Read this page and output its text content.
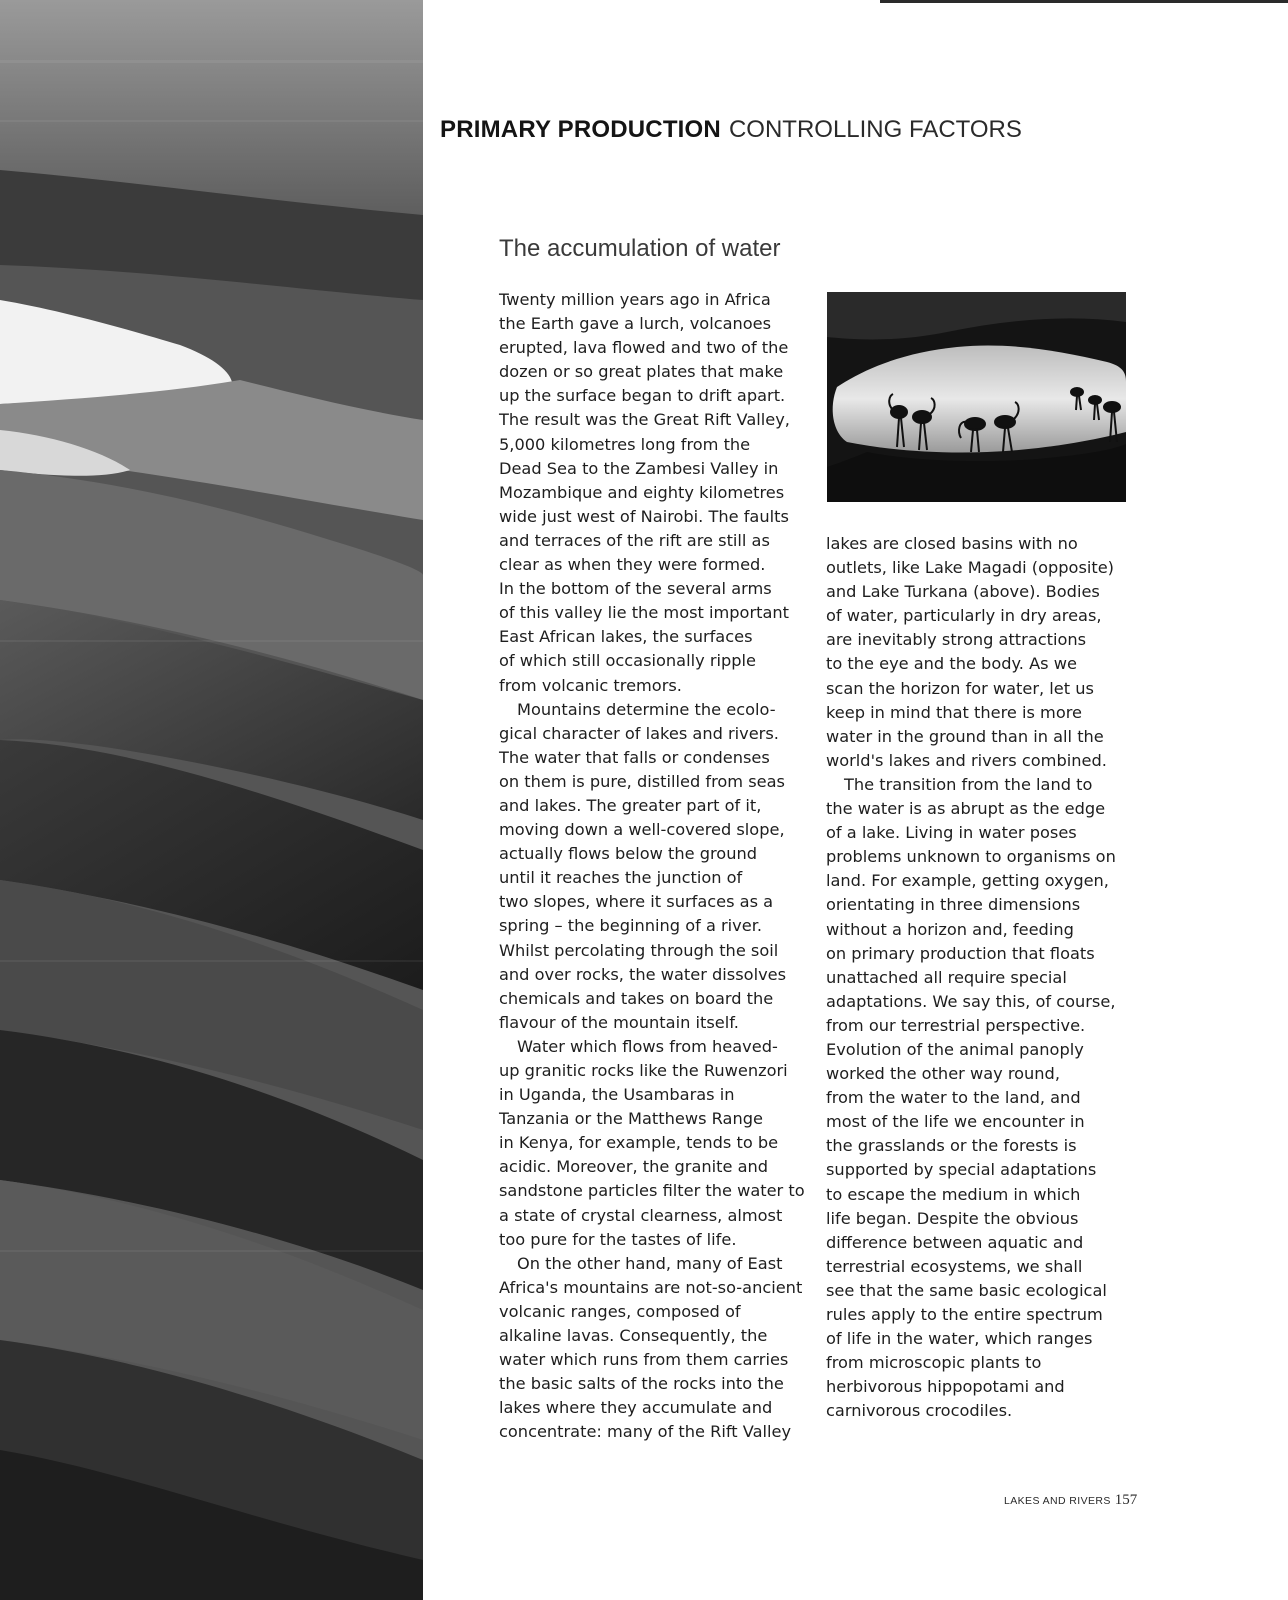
PRIMARY PRODUCTION CONTROLLING FACTORS
The accumulation of water
Twenty million years ago in Africa
the Earth gave a lurch, volcanoes
erupted, lava flowed and two of the
dozen or so great plates that make
up the surface began to drift apart.
The result was the Great Rift Valley,
5,000 kilometres long from the
Dead Sea to the Zambesi Valley in
Mozambique and eighty kilometres
wide just west of Nairobi. The faults
and terraces of the rift are still as
clear as when they were formed.
In the bottom of the several arms
of this valley lie the most important
East African lakes, the surfaces
of which still occasionally ripple
from volcanic tremors.
Mountains determine the ecolo-
gical character of lakes and rivers.
The water that falls or condenses
on them is pure, distilled from seas
and lakes. The greater part of it,
moving down a well-covered slope,
actually flows below the ground
until it reaches the junction of
two slopes, where it surfaces as a
spring – the beginning of a river.
Whilst percolating through the soil
and over rocks, the water dissolves
chemicals and takes on board the
flavour of the mountain itself.
Water which flows from heaved-
up granitic rocks like the Ruwenzori
in Uganda, the Usambaras in
Tanzania or the Matthews Range
in Kenya, for example, tends to be
acidic. Moreover, the granite and
sandstone particles filter the water to
a state of crystal clearness, almost
too pure for the tastes of life.
On the other hand, many of East
Africa's mountains are not-so-ancient
volcanic ranges, composed of
alkaline lavas. Consequently, the
water which runs from them carries
the basic salts of the rocks into the
lakes where they accumulate and
concentrate: many of the Rift Valley
lakes are closed basins with no
outlets, like Lake Magadi (opposite)
and Lake Turkana (above). Bodies
of water, particularly in dry areas,
are inevitably strong attractions
to the eye and the body. As we
scan the horizon for water, let us
keep in mind that there is more
water in the ground than in all the
world's lakes and rivers combined.
The transition from the land to
the water is as abrupt as the edge
of a lake. Living in water poses
problems unknown to organisms on
land. For example, getting oxygen,
orientating in three dimensions
without a horizon and, feeding
on primary production that floats
unattached all require special
adaptations. We say this, of course,
from our terrestrial perspective.
Evolution of the animal panoply
worked the other way round,
from the water to the land, and
most of the life we encounter in
the grasslands or the forests is
supported by special adaptations
to escape the medium in which
life began. Despite the obvious
difference between aquatic and
terrestrial ecosystems, we shall
see that the same basic ecological
rules apply to the entire spectrum
of life in the water, which ranges
from microscopic plants to
herbivorous hippopotami and
carnivorous crocodiles.
LAKES AND RIVERS 157
